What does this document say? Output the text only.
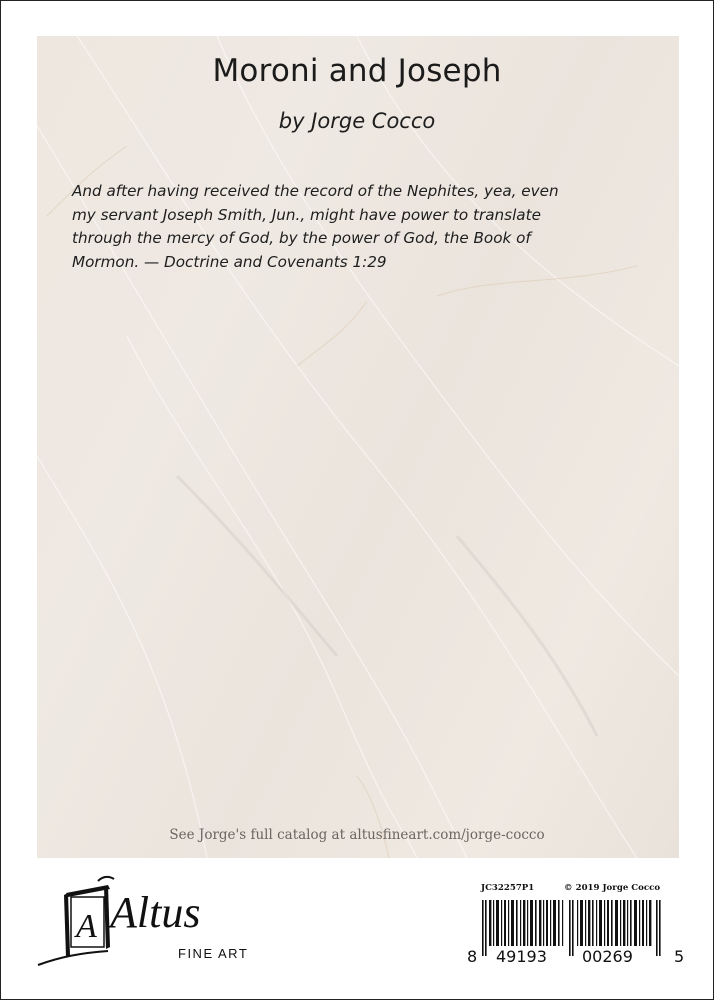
Moroni and Joseph
by Jorge Cocco
And after having received the record of the Nephites, yea, even
my servant Joseph Smith, Jun., might have power to translate
through the mercy of God, by the power of God, the Book of
Mormon. — Doctrine and Covenants 1:29
See Jorge's full catalog at altusfineart.com/jorge-cocco
A Altus
FINE ART
JC32257P1	© 2019 Jorge Cocco
8 49193 00269	5
